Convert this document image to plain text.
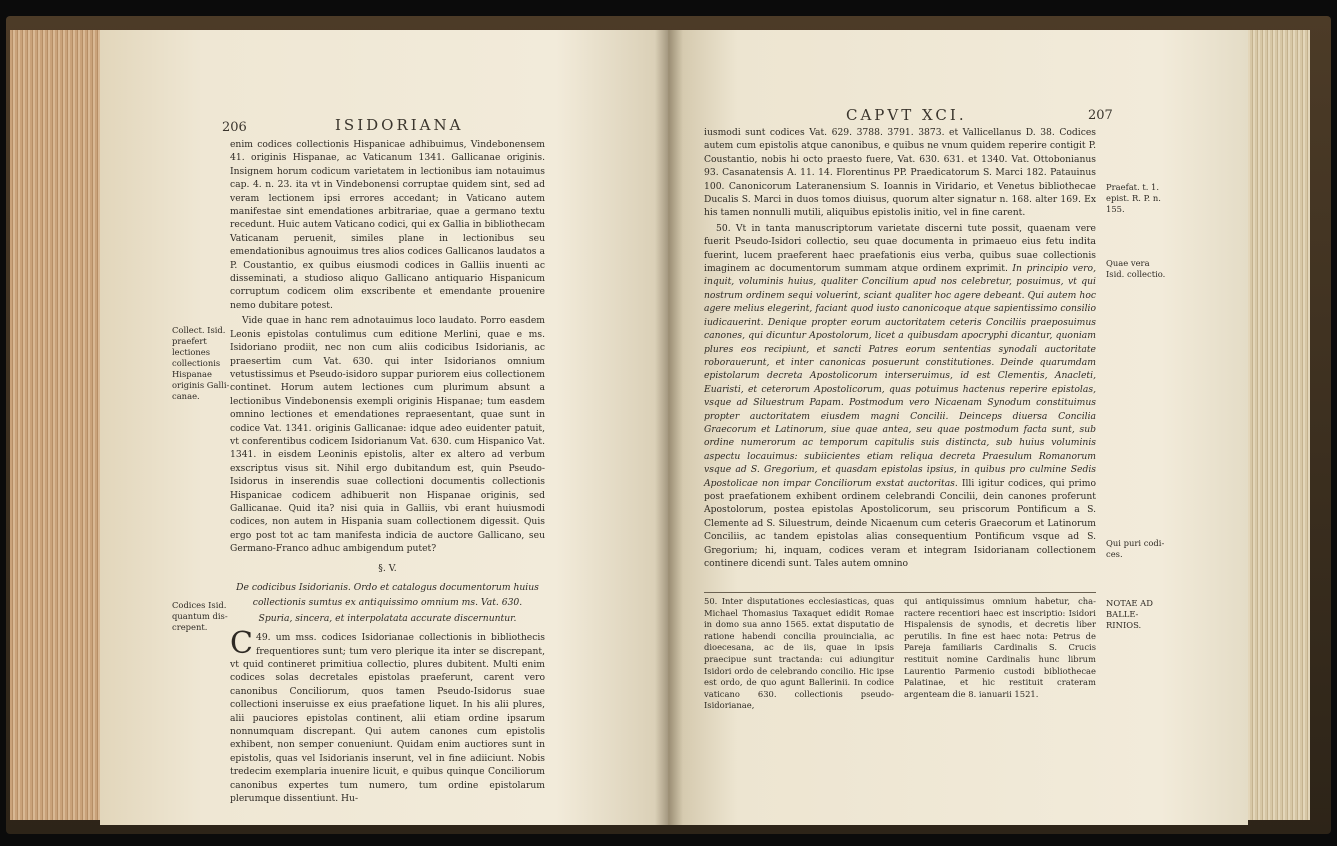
206	ISIDORIANA

enim codices collectionis Hispanicae adhibuimus, Vindebonensem 41. originis Hispanae, ac Vaticanum 1341. Gallicanae originis. Insignem horum codicum varietatem in lectionibus iam notauimus cap. 4. n. 23. ita vt in Vindebonensi corruptae quidem sint, sed ad veram lectionem ipsi errores accedant; in Vaticano autem manifestae sint emendationes arbitrariae, quae a germano textu recedunt. Huic autem Vaticano codici, qui ex Gallia in bibliothecam Vaticanam peruenit, similes plane in lectionibus seu emendationibus agnouimus tres alios codices Gallicanos laudatos a P. Coustantio, ex quibus eiusmodi codices in Galliis inuenti ac disseminati, a studioso aliquo Gallicano antiquario Hispanicum corruptum codicem olim exscribente et emendante prouenire nemo dubitare potest.

Vide quae in hanc rem adnotauimus loco laudato. Porro easdem Leonis epistolas contulimus cum editione Merlini, quae e ms. Isidoriano prodiit, nec non cum aliis codicibus Isidorianis, ac praesertim cum Vat. 630. qui inter Isidorianos omnium vetustissimus et Pseudo-isidoro suppar puriorem eius collectionem continet. Horum autem lectiones cum plurimum absunt a lectionibus Vindebonensis exempli originis Hispanae; tum easdem omnino lectiones et emendationes repraesentant, quae sunt in codice Vat. 1341. originis Gallicanae: idque adeo euidenter patuit, vt conferentibus codicem Isidorianum Vat. 630. cum Hispanico Vat. 1341. in eisdem Leoninis epistolis, alter ex altero ad verbum exscriptus visus sit. Nihil ergo dubitandum est, quin Pseudo-Isidorus in inserendis suae collectioni documentis collectionis Hispanicae codicem adhibuerit non Hispanae originis, sed Gallicanae. Quid ita? nisi quia in Galliis, vbi erant huiusmodi codices, non autem in Hispania suam collectionem digessit. Quis ergo post tot ac tam manifesta indicia de auctore Gallicano, seu Germano-Franco adhuc ambigendum putet?

§. V.

De codicibus Isidorianis. Ordo et catalogus documentorum huius

collectionis sumtus ex antiquissimo omnium ms. Vat. 630.

Spuria, sincera, et interpolatata accurate discernuntur.

49.
C um mss. codices Isidorianae collectionis in bibliothecis frequentiores sunt; tum vero plerique ita inter se discrepant, vt quid contineret primitiua collectio, plures dubitent. Multi enim codices solas decretales epistolas praeferunt, carent vero canonibus Conciliorum, quos tamen Pseudo-Isidorus suae collectioni inseruisse ex eius praefatione liquet. In his alii plures, alii pauciores epistolas continent, alii etiam ordine ipsarum nonnumquam discrepant. Qui autem canones cum epistolis exhibent, non semper conueniunt. Quidam enim auctiores sunt in epistolis, quas vel Isidorianis inserunt, vel in fine adiiciunt. Nobis tredecim exemplaria inuenire licuit, e quibus quinque Conciliorum canonibus expertes tum numero, tum ordine epistolarum plerumque dissentiunt. Hu-

Collect. Isid. praefert lectiones collectionis Hispanae originis Gallicanae.
Codices Isid. quantum discrepent.
CAPVT XCI.	207

iusmodi sunt codices Vat. 629. 3788. 3791. 3873. et Vallicellanus D. 38. Codices autem cum epistolis atque canonibus, e quibus ne vnum quidem reperire contigit P. Coustantio, nobis hi octo praesto fuere, Vat. 630. 631. et 1340. Vat. Ottobonianus 93. Casanatensis A. 11. 14. Florentinus PP. Praedicatorum S. Marci 182. Patauinus 100. Canonicorum Lateranensium S. Ioannis in Viridario, et Venetus bibliothecae Ducalis S. Marci in duos tomos diuisus, quorum alter signatur n. 168. alter 169. Ex his tamen nonnulli mutili, aliquibus epistolis initio, vel in fine carent.

50. Vt in tanta manuscriptorum varietate discerni tute possit, quaenam vere fuerit Pseudo-Isidori collectio, seu quae documenta in primaeuo eius fetu indita fuerint, lucem praeferent haec praefationis eius verba, quibus suae collectionis imaginem ac documentorum summam atque ordinem exprimit. In principio vero, inquit, voluminis huius, qualiter Concilium apud nos celebretur, posuimus, vt qui nostrum ordinem sequi voluerint, sciant qualiter hoc agere debeant. Qui autem hoc agere melius elegerint, faciant quod iusto canonicoque atque sapientissimo consilio iudicauerint. Denique propter eorum auctoritatem ceteris Conciliis praeposuimus canones, qui dicuntur Apostolorum, licet a quibusdam apocryphi dicantur, quoniam plures eos recipiunt, et sancti Patres eorum sententias synodali auctoritate roborauerunt, et inter canonicas posuerunt constitutiones. Deinde quarumdam epistolarum decreta Apostolicorum interseruimus, id est Clementis, Anacleti, Euaristi, et ceterorum Apostolicorum, quas potuimus hactenus reperire epistolas, vsque ad Siluestrum Papam. Postmodum vero Nicaenam Synodum constituimus propter auctoritatem eiusdem magni Concilii. Deinceps diuersa Concilia Graecorum et Latinorum, siue quae antea, seu quae postmodum facta sunt, sub ordine numerorum ac temporum capitulis suis distincta, sub huius voluminis aspectu locauimus: subiicientes etiam reliqua decreta Praesulum Romanorum vsque ad S. Gregorium, et quasdam epistolas ipsius, in quibus pro culmine Sedis Apostolicae non impar Conciliorum exstat auctoritas. Illi igitur codices, qui primo post praefationem exhibent ordinem celebrandi Concilii, dein canones proferunt Apostolorum, postea epistolas Apostolicorum, seu priscorum Pontificum a S. Clemente ad S. Siluestrum, deinde Nicaenum cum ceteris Graecorum et Latinorum Conciliis, ac tandem epistolas alias consequentium Pontificum vsque ad S. Gregorium; hi, inquam, codices veram et integram Isidorianam collectionem continere dicendi sunt. Tales autem omnino

50. Inter disputationes ecclesiasticas, quas Michael Thomasius Taxaquet edidit Romae in domo sua anno 1565. extat disputatio de ratione habendi concilia prouincialia, ac dioecesana, ac de iis, quae in ipsis praecipue sunt tractanda: cui adiungitur Isidori ordo de celebrando concilio. Hic ipse est ordo, de quo agunt Ballerinii. In codice vaticano 630. collectionis pseudo-Isidorianae,
qui antiquissimus omnium habetur, charactere recentiori haec est inscriptio: Isidori Hispalensis de synodis, et decretis liber perutilis. In fine est haec nota: Petrus de Pareja familiaris Cardinalis S. Crucis restituit nomine Cardinalis hunc librum Laurentio Parmenio custodi bibliothecae Palatinae, et hic restituit crateram argenteam die 8. ianuarii 1521.
Praefat. t. 1. epist. R. P. n. 155.
Quae vera Isid. collectio.
Qui puri codices.
NOTAE AD BALLERINIOS.
